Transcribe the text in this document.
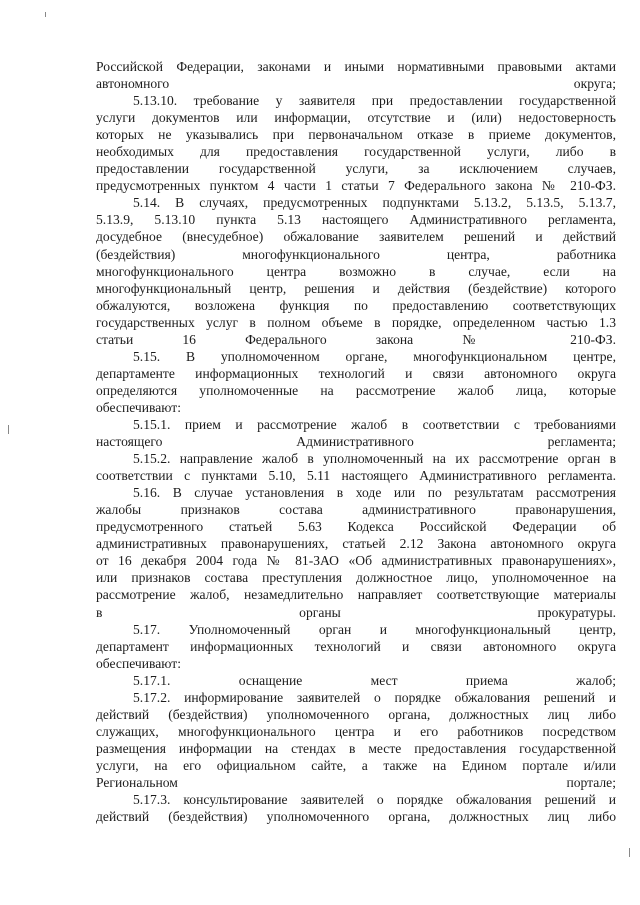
Российской Федерации, законами и иными нормативными правовыми актами
автономного округа;
5.13.10. требование у заявителя при предоставлении государственной
услуги документов или информации, отсутствие и (или) недостоверность
которых не указывались при первоначальном отказе в приеме документов,
необходимых для предоставления государственной услуги, либо в
предоставлении государственной услуги, за исключением случаев,
предусмотренных пунктом 4 части 1 статьи 7 Федерального закона № 210-ФЗ.
5.14. В случаях, предусмотренных подпунктами 5.13.2, 5.13.5, 5.13.7,
5.13.9, 5.13.10 пункта 5.13 настоящего Административного регламента,
досудебное (внесудебное) обжалование заявителем решений и действий
(бездействия) многофункционального центра, работника
многофункционального центра возможно в случае, если на
многофункциональный центр, решения и действия (бездействие) которого
обжалуются, возложена функция по предоставлению соответствующих
государственных услуг в полном объеме в порядке, определенном частью 1.3
статьи 16 Федерального закона № 210-ФЗ.
5.15. В уполномоченном органе, многофункциональном центре,
департаменте информационных технологий и связи автономного округа
определяются уполномоченные на рассмотрение жалоб лица, которые
обеспечивают:
5.15.1. прием и рассмотрение жалоб в соответствии с требованиями
настоящего Административного регламента;
5.15.2. направление жалоб в уполномоченный на их рассмотрение орган в
соответствии с пунктами 5.10, 5.11 настоящего Административного регламента.
5.16. В случае установления в ходе или по результатам рассмотрения
жалобы признаков состава административного правонарушения,
предусмотренного статьей 5.63 Кодекса Российской Федерации об
административных правонарушениях, статьей 2.12 Закона автономного округа
от 16 декабря 2004 года № 81-ЗАО «Об административных правонарушениях»,
или признаков состава преступления должностное лицо, уполномоченное на
рассмотрение жалоб, незамедлительно направляет соответствующие материалы
в органы прокуратуры.
5.17. Уполномоченный орган и многофункциональный центр,
департамент информационных технологий и связи автономного округа
обеспечивают:
5.17.1. оснащение мест приема жалоб;
5.17.2. информирование заявителей о порядке обжалования решений и
действий (бездействия) уполномоченного органа, должностных лиц либо
служащих, многофункционального центра и его работников посредством
размещения информации на стендах в месте предоставления государственной
услуги, на его официальном сайте, а также на Едином портале и/или
Региональном портале;
5.17.3. консультирование заявителей о порядке обжалования решений и
действий (бездействия) уполномоченного органа, должностных лиц либо
